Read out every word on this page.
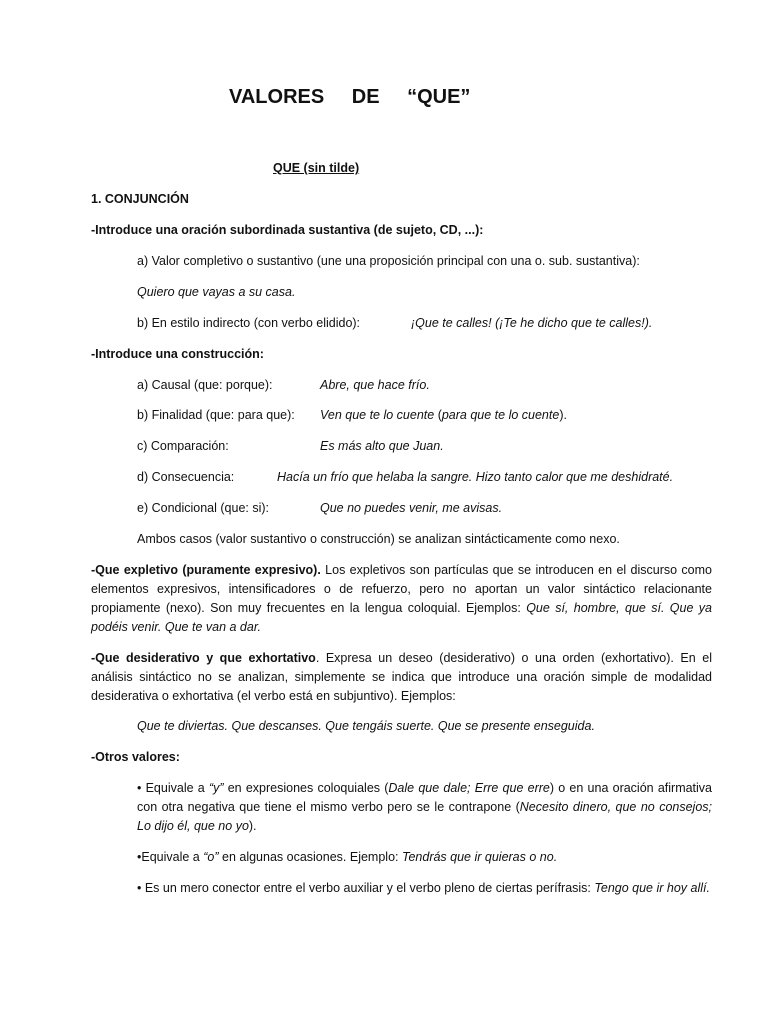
VALORES DE “QUE”
QUE (sin tilde)
1. CONJUNCIÓN
-Introduce una oración subordinada sustantiva (de sujeto, CD, ...):
a) Valor completivo o sustantivo (une una proposición principal con una o. sub. sustantiva):
Quiero que vayas a su casa.
b) En estilo indirecto (con verbo elidido):	¡Que te calles! (¡Te he dicho que te calles!).
-Introduce una construcción:
a) Causal (que: porque):	Abre, que hace frío.
b) Finalidad (que: para que): Ven que te lo cuente (para que te lo cuente).
c) Comparación:	Es más alto que Juan.
d) Consecuencia:	Hacía un frío que helaba la sangre. Hizo tanto calor que me deshidraté.
e) Condicional (que: si):	Que no puedes venir, me avisas.
Ambos casos (valor sustantivo o construcción) se analizan sintácticamente como nexo.
-Que expletivo (puramente expresivo). Los expletivos son partículas que se introducen en el discurso como elementos expresivos, intensificadores o de refuerzo, pero no aportan un valor sintáctico relacionante propiamente (nexo). Son muy frecuentes en la lengua coloquial. Ejemplos: Que sí, hombre, que sí. Que ya podéis venir. Que te van a dar.
-Que desiderativo y que exhortativo. Expresa un deseo (desiderativo) o una orden (exhortativo). En el análisis sintáctico no se analizan, simplemente se indica que introduce una oración simple de modalidad desiderativa o exhortativa (el verbo está en subjuntivo). Ejemplos:
Que te diviertas. Que descanses. Que tengáis suerte. Que se presente enseguida.
-Otros valores:
• Equivale a “y” en expresiones coloquiales (Dale que dale; Erre que erre) o en una oración afirmativa con otra negativa que tiene el mismo verbo pero se le contrapone (Necesito dinero, que no consejos; Lo dijo él, que no yo).
•Equivale a “o” en algunas ocasiones. Ejemplo: Tendrás que ir quieras o no.
• Es un mero conector entre el verbo auxiliar y el verbo pleno de ciertas perífrasis: Tengo que ir hoy allí.
